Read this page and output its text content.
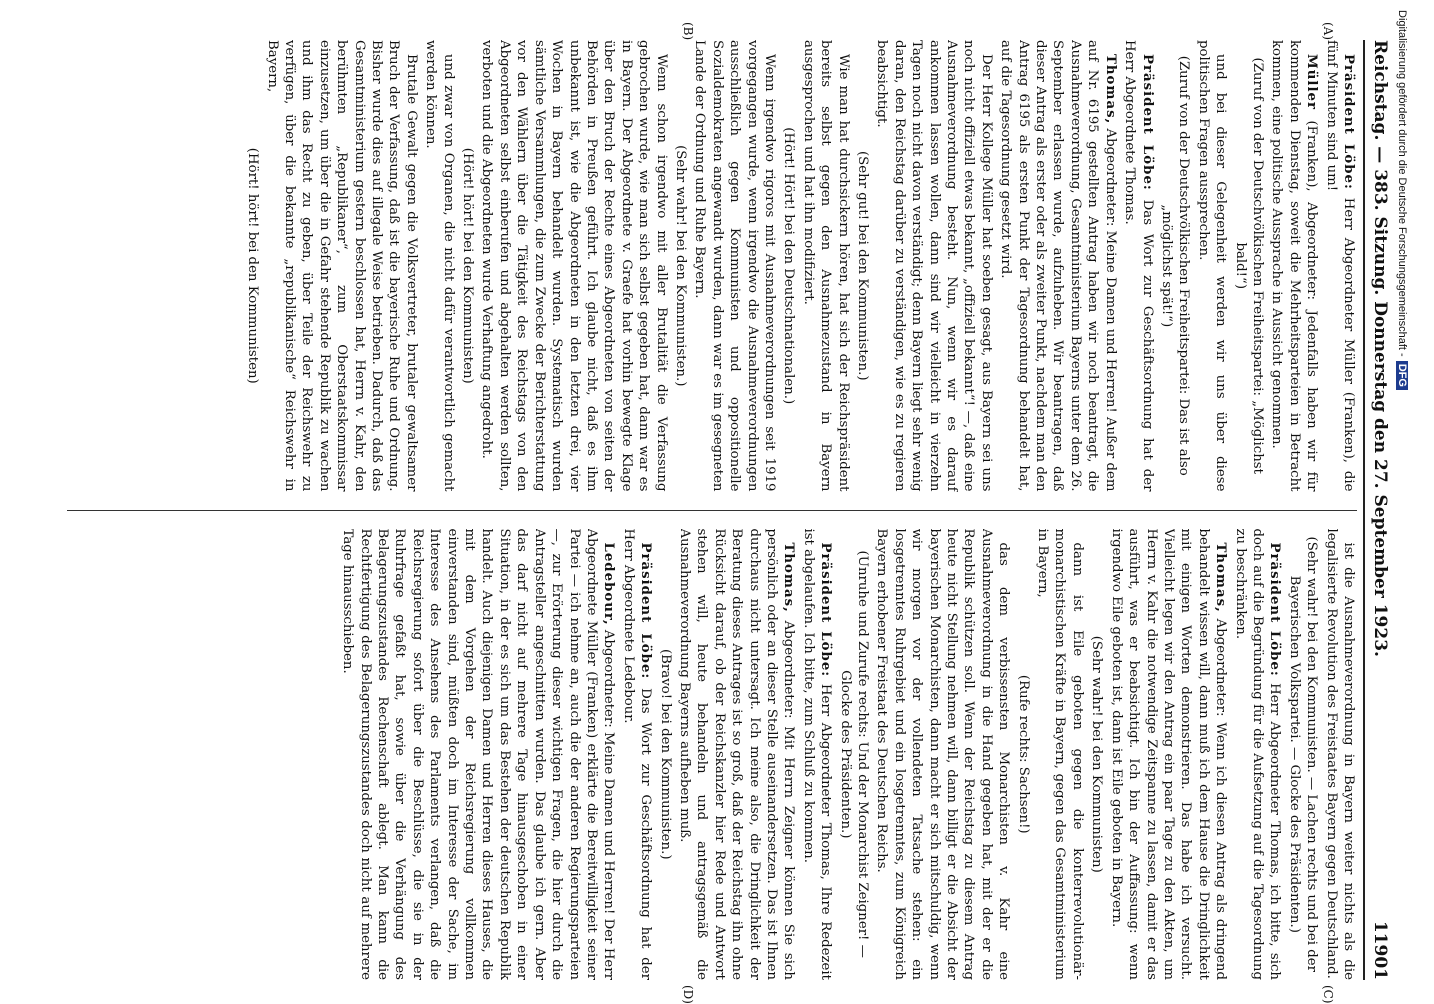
Reichstag. — 383. Sitzung. Donnerstag den 27. September 1923.
11901

Präsident Löbe: Herr Abgeordneter Müller (Franken), die fünf Minuten sind um!

Müller (Franken), Abgeordneter: Jedenfalls haben wir für kommenden Dienstag, soweit die Mehrheitsparteien in Betracht kommen, eine politische Aussprache in Aussicht genommen.

(Zuruf von der Deutschvölkischen Freiheitspartei: „Möglichst bald!“)

und bei dieser Gelegenheit werden wir uns über diese politischen Fragen aussprechen.

(Zuruf von der Deutschvölkischen Freiheitspartei: Das ist also „möglichst spät!“)

Präsident Löbe: Das Wort zur Geschäftsordnung hat der Herr Abgeordnete Thomas.

Thomas, Abgeordneter: Meine Damen und Herren! Außer dem auf Nr. 6195 gestellten Antrag haben wir noch beantragt, die Ausnahmeverordnung, Gesamtministerium Bayerns unter dem 26. September erlassen wurde, aufzuheben. Wir beantragen, daß dieser Antrag als erster oder als zweiter Punkt, nachdem man den Antrag 6195 als ersten Punkt der Tagesordnung behandelt hat, auf die Tagesordnung gesetzt wird.

Der Herr Kollege Müller hat soeben gesagt, aus Bayern sei uns noch nicht offiziell etwas bekannt, „offiziell bekannt“! —, daß eine Ausnahmeverordnung besteht. Nun, wenn wir es darauf ankommen lassen wollen, dann sind wir vielleicht in vierzehn Tagen noch nicht davon verständigt; denn Bayern liegt sehr wenig daran, den Reichstag darüber zu verständigen, wie es zu regieren beabsichtigt.

(Sehr gut! bei den Kommunisten.)

Wie man hat durchsickern hören, hat sich der Reichspräsident bereits selbst gegen den Ausnahmezustand in Bayern ausgesprochen und hat ihn modifiziert.

(Hört! Hört! bei den Deutschnationalen.)

Wenn irgendwo rigoros mit Ausnahmeverordnungen seit 1919 vorgegangen wurde, wenn irgendwo die Ausnahmeverordnungen ausschließlich gegen Kommunisten und oppositionelle Sozialdemokraten angewandt wurden, dann war es im gesegneten Lande der Ordnung und Ruhe Bayern.

(Sehr wahr! bei den Kommunisten.)

Wenn schon irgendwo mit aller Brutalität die Verfassung gebrochen wurde, wie man sich selbst gegeben hat, dann war es in Bayern. Der Abgeordnete v. Graefe hat vorhin bewegte Klage über den Bruch der Rechte eines Abgeordneten von seiten der Behörden in Preußen geführt. Ich glaube nicht, daß es ihm unbekannt ist, wie die Abgeordneten in den letzten drei, vier Wochen in Bayern behandelt wurden. Systematisch wurden sämtliche Versammlungen, die zum Zwecke der Berichterstattung vor den Wählern über die Tätigkeit des Reichstags von den Abgeordneten selbst einberufen und abgehalten werden sollten, verboten und die Abgeordneten wurde Verhaftung angedroht.

(Hört! hört! bei den Kommunisten)

und zwar von Organen, die nicht dafür verantwortlich gemacht werden können.

Brutale Gewalt gegen die Volksvertreter, brutaler gewaltsamer Bruch der Verfassung, daß ist die bayerische Ruhe und Ordnung. Bisher wurde dies auf illegale Weise betrieben. Dadurch, daß das Gesamtministerium gestern beschlossen hat, Herrn v. Kahr, den berühmten „Republikaner“, zum Oberstaatskommissar einzusetzen, um über die in Gefahr stehende Republik zu wachen und ihm das Recht zu geben, über Teile der Reichswehr zu verfügen, über die bekannte „republikanische“ Reichswehr in Bayern,

(Hört! hört! bei den Kommunisten)

ist die Ausnahmeverordnung in Bayern weiter nichts als die legalisierte Revolution des Freistaates Bayern gegen Deutschland.

(Sehr wahr! bei den Kommunisten. — Lachen rechts und bei der Bayerischen Volkspartei. — Glocke des Präsidenten.)

Präsident Löbe: Herr Abgeordneter Thomas, ich bitte, sich doch auf die Begründung für die Aufsetzung auf die Tagesordnung zu beschränken.

Thomas, Abgeordneter: Wenn ich diesen Antrag als dringend behandelt wissen will, dann muß ich dem Hause die Dringlichkeit mit einigen Worten demonstrieren. Das habe ich versucht. Vielleicht legen wir den Antrag ein paar Tage zu den Akten, um Herrn v. Kahr die notwendige Zeitspanne zu lassen, damit er das ausführt, was er beabsichtigt. Ich bin der Auffassung: wenn irgendwo Eile geboten ist, dann ist Eile geboten in Bayern.

(Sehr wahr! bei den Kommunisten)

dann ist Eile geboten gegen die konterrevolutionär-monarchistischen Kräfte in Bayern, gegen das Gesamtministerium in Bayern,

(Rufe rechts: Sachsen!)

das dem verbissensten Monarchisten v. Kahr eine Ausnahmeverordnung in die Hand gegeben hat, mit der er die Republik schützen soll. Wenn der Reichstag zu diesem Antrag heute nicht Stellung nehmen will, dann billigt er die Absicht der bayerischen Monarchisten, dann macht er sich mitschuldig, wenn wir morgen vor der vollendeten Tatsache stehen: ein losgetrenntes Ruhrgebiet und ein losgetrenntes, zum Königreich Bayern erhobener Freistaat des Deutschen Reichs.

(Unruhe und Zurufe rechts: Und der Monarchist Zeigner! — Glocke des Präsidenten.)

Präsident Löbe: Herr Abgeordneter Thomas, Ihre Redezeit ist abgelaufen. Ich bitte, zum Schluß zu kommen.

Thomas, Abgeordneter: Mit Herrn Zeigner können Sie sich persönlich oder an dieser Stelle auseinandersetzen. Das ist Ihnen durchaus nicht untersagt. Ich meine also, die Dringlichkeit der Beratung dieses Antrages ist so groß, daß der Reichstag ihn ohne Rücksicht darauf, ob der Reichskanzler hier Rede und Antwort stehen will, heute behandeln und antragsgemäß die Ausnahmeverordnung Bayerns aufheben muß.

(Bravo! bei den Kommunisten.)

Präsident Löbe: Das Wort zur Geschäftsordnung hat der Herr Abgeordnete Ledebour.

Ledebour, Abgeordneter: Meine Damen und Herren! Der Herr Abgeordnete Müller (Franken) erklärte die Bereitwilligkeit seiner Partei — ich nehme an, auch die der anderen Regierungsparteien —, zur Erörterung dieser wichtigen Fragen, die hier durch die Antragsteller angeschnitten wurden. Das glaube ich gern. Aber das darf nicht auf mehrere Tage hinausgeschoben in einer Situation, in der es sich um das Bestehen der deutschen Republik handelt. Auch diejenigen Damen und Herren dieses Hauses, die mit dem Vorgehen der Reichsregierung vollkommen einverstanden sind, müßten doch im Interesse der Sache, im Interesse des Ansehens des Parlaments verlangen, daß die Reichsregierung sofort über die Beschlüsse, die sie in der Ruhrfrage gefaßt hat, sowie über die Verhängung des Belagerungszustandes Rechenschaft ablegt. Man kann die Rechtfertigung des Belagerungszustandes doch nicht auf mehrere Tage hinausschieben.

(A)
(B)
(C)
(D)
Digitalisierung gefördert durch die Deutsche Forschungsgemeinschaft -DFG
